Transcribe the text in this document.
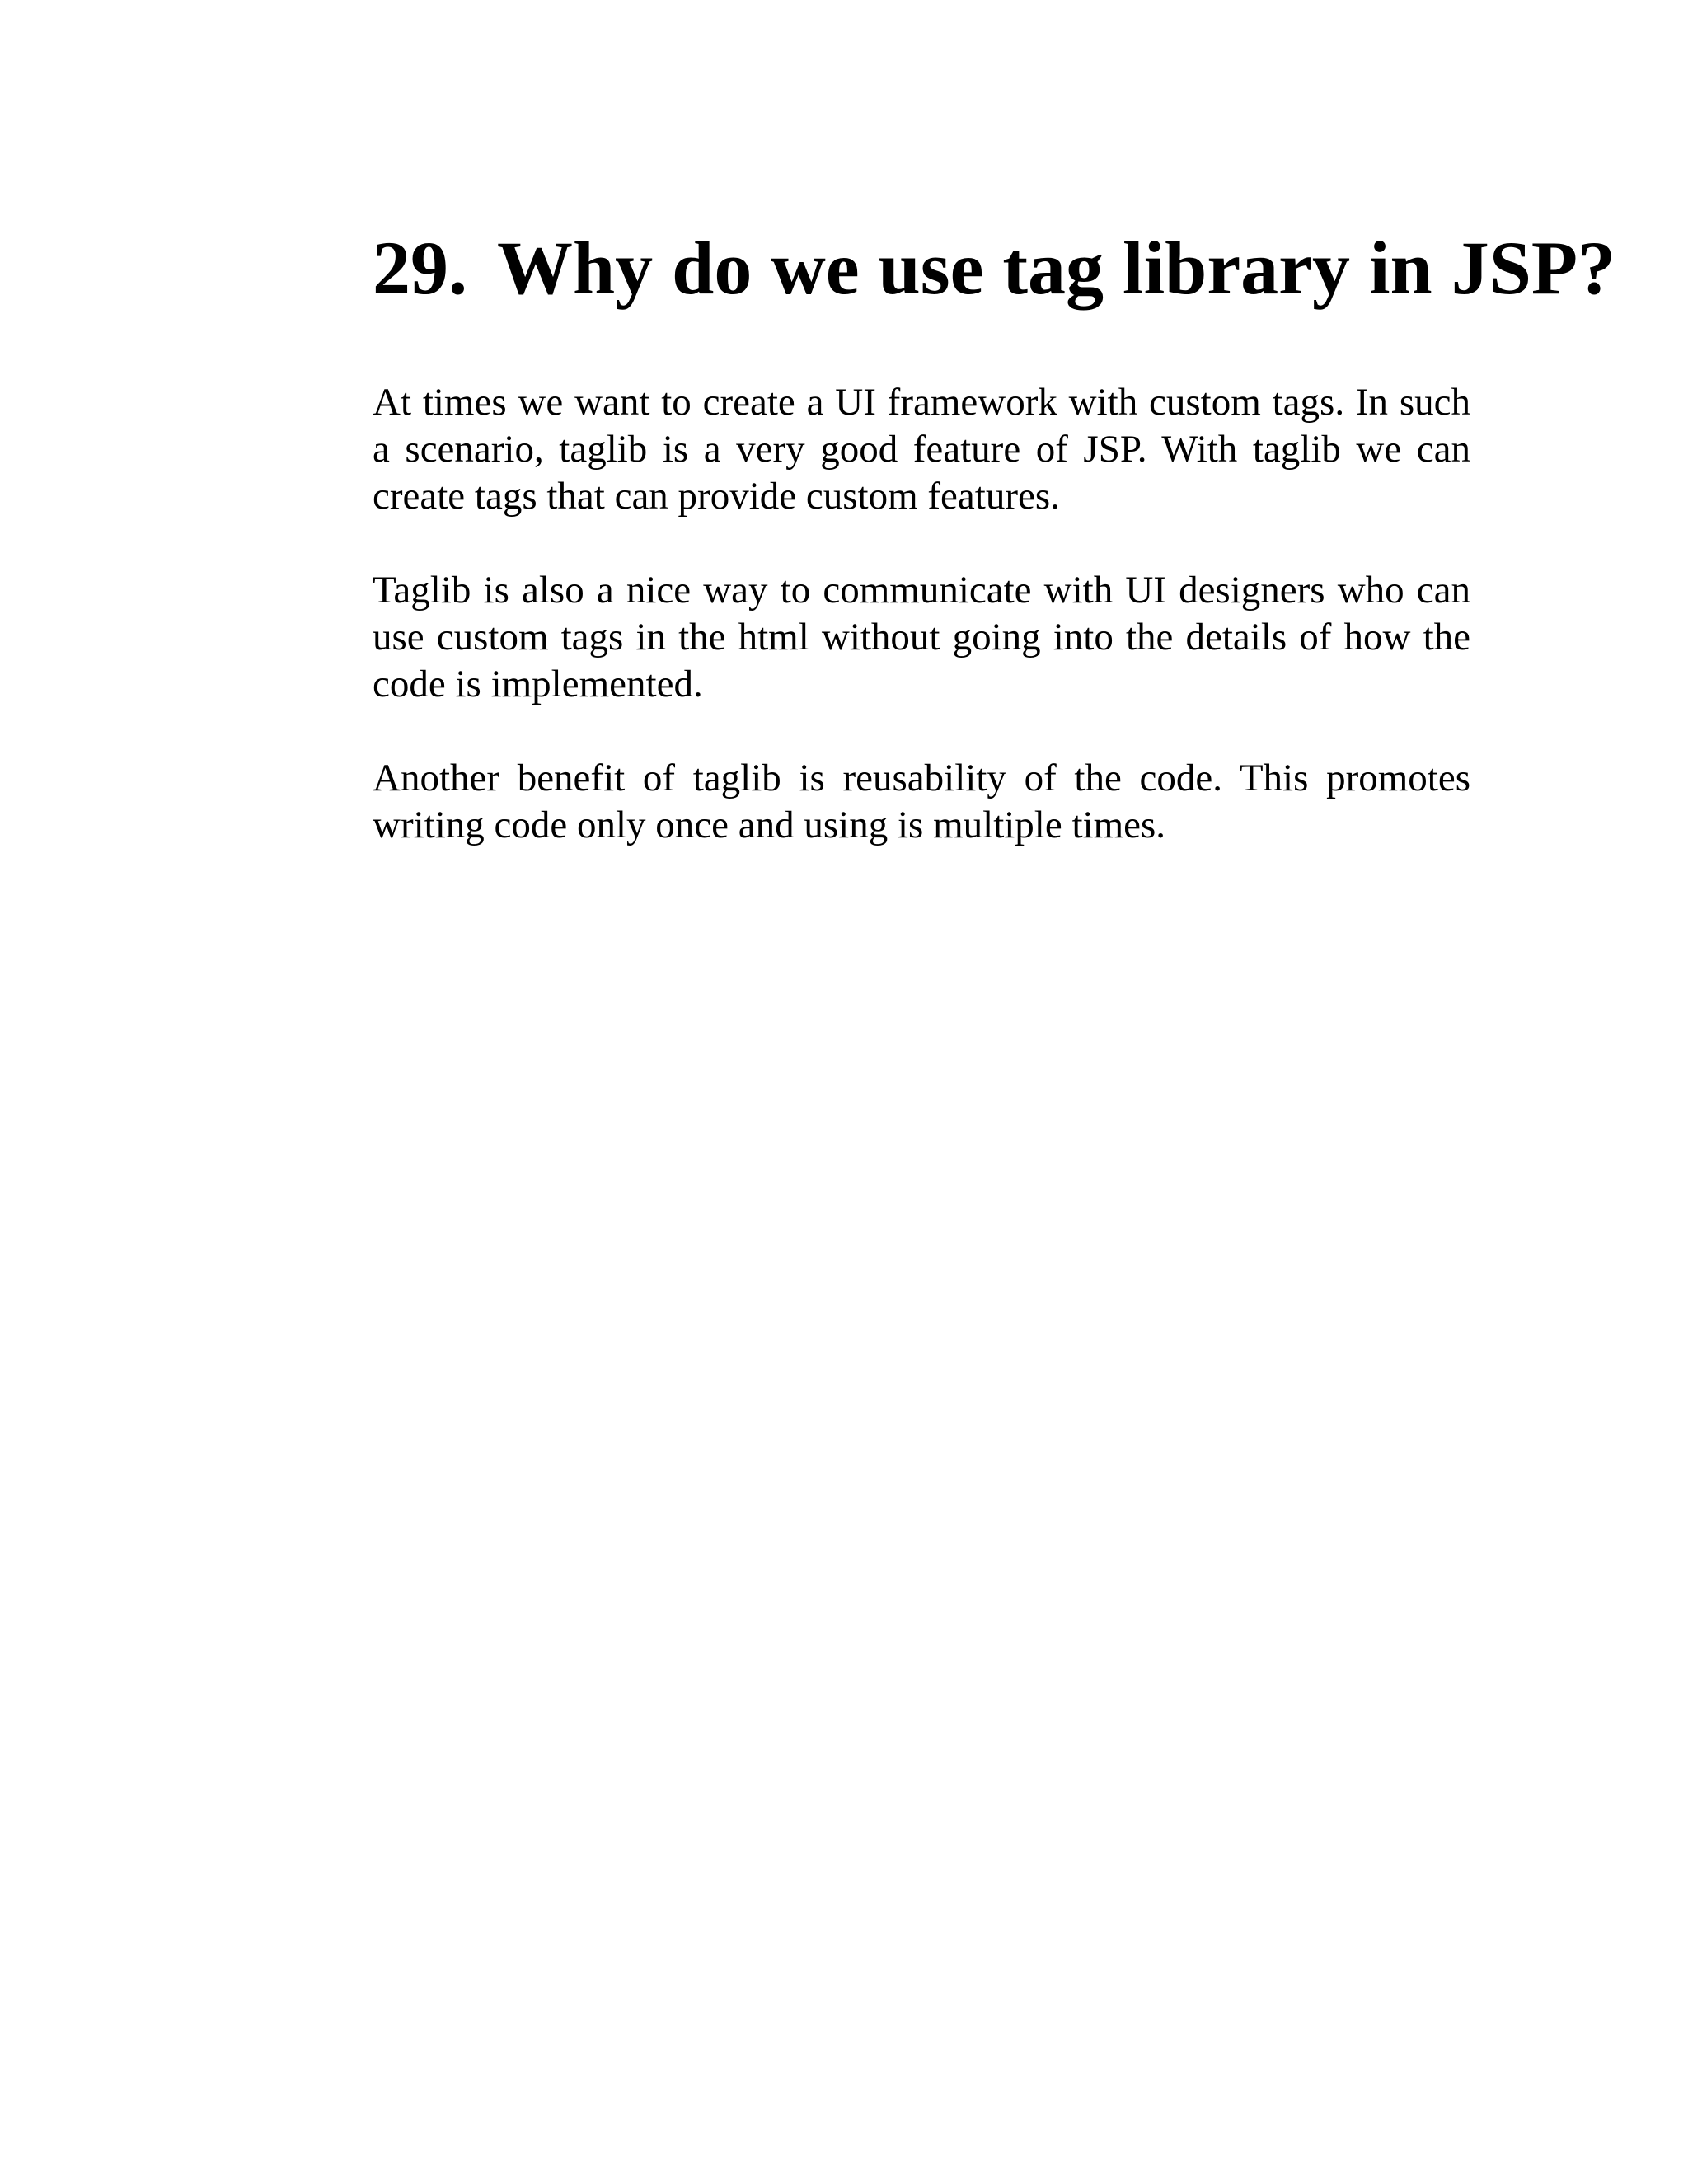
29. Why do we use tag library in JSP?

At times we want to create a UI framework with custom tags. In such a scenario, taglib is a very good feature of JSP. With taglib we can create tags that can provide custom features.

Taglib is also a nice way to communicate with UI designers who can use custom tags in the html without going into the details of how the code is implemented.

Another benefit of taglib is reusability of the code. This promotes writing code only once and using is multiple times.
